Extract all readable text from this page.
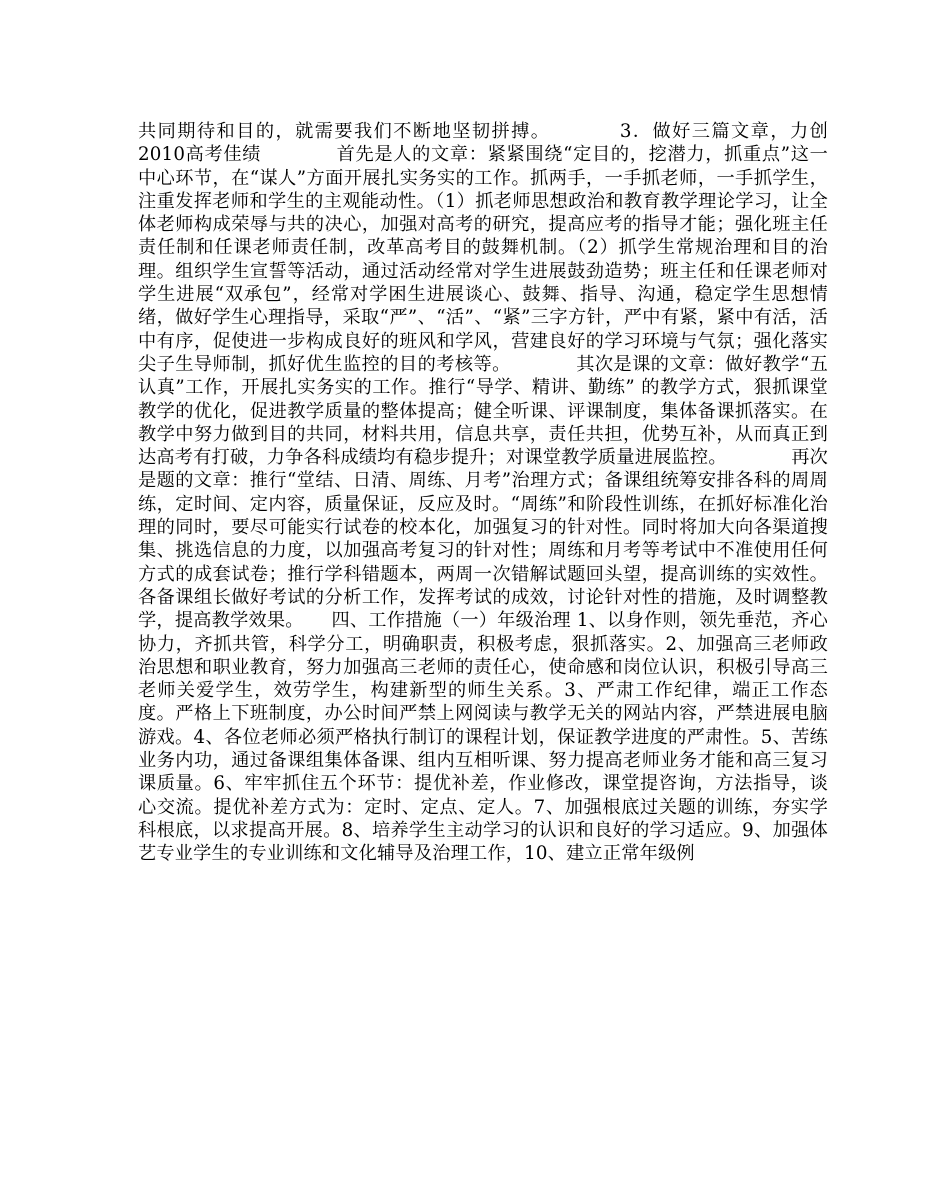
共同期待和目的，就需要我们不断地坚韧拼搏。　　　　3．做好三篇文章，力创2010高考佳绩　　　　首先是人的文章：紧紧围绕“定目的，挖潜力，抓重点”这一中心环节，在“谋人”方面开展扎实务实的工作。抓两手，一手抓老师，一手抓学生，注重发挥老师和学生的主观能动性。（1）抓老师思想政治和教育教学理论学习，让全体老师构成荣辱与共的决心，加强对高考的研究，提高应考的指导才能；强化班主任责任制和任课老师责任制，改革高考目的鼓舞机制。（2）抓学生常规治理和目的治理。组织学生宣誓等活动，通过活动经常对学生进展鼓劲造势；班主任和任课老师对学生进展“双承包”，经常对学困生进展谈心、鼓舞、指导、沟通，稳定学生思想情绪，做好学生心理指导，采取“严”、“活”、“紧”三字方针，严中有紧，紧中有活，活中有序，促使进一步构成良好的班风和学风，营建良好的学习环境与气氛；强化落实尖子生导师制，抓好优生监控的目的考核等。　　　　其次是课的文章：做好教学“五认真”工作，开展扎实务实的工作。推行“导学、精讲、勤练” 的教学方式，狠抓课堂教学的优化，促进教学质量的整体提高；健全听课、评课制度，集体备课抓落实。在教学中努力做到目的共同，材料共用，信息共享，责任共担，优势互补，从而真正到达高考有打破，力争各科成绩均有稳步提升；对课堂教学质量进展监控。　　　　再次是题的文章：推行“堂结、日清、周练、月考”治理方式；备课组统筹安排各科的周周练，定时间、定内容，质量保证，反应及时。“周练”和阶段性训练，在抓好标准化治理的同时，要尽可能实行试卷的校本化，加强复习的针对性。同时将加大向各渠道搜集、挑选信息的力度，以加强高考复习的针对性；周练和月考等考试中不准使用任何方式的成套试卷；推行学科错题本，两周一次错解试题回头望，提高训练的实效性。各备课组长做好考试的分析工作，发挥考试的成效，讨论针对性的措施，及时调整教学，提高教学效果。　　四、工作措施（一）年级治理 1、以身作则，领先垂范，齐心协力，齐抓共管，科学分工，明确职责，积极考虑，狠抓落实。2、加强高三老师政治思想和职业教育，努力加强高三老师的责任心，使命感和岗位认识，积极引导高三老师关爱学生，效劳学生，构建新型的师生关系。3、严肃工作纪律，端正工作态度。严格上下班制度，办公时间严禁上网阅读与教学无关的网站内容，严禁进展电脑游戏。4、各位老师必须严格执行制订的课程计划，保证教学进度的严肃性。5、苦练业务内功，通过备课组集体备课、组内互相听课、努力提高老师业务才能和高三复习课质量。6、牢牢抓住五个环节：提优补差，作业修改，课堂提咨询，方法指导，谈心交流。提优补差方式为：定时、定点、定人。7、加强根底过关题的训练，夯实学科根底，以求提高开展。8、培养学生主动学习的认识和良好的学习适应。9、加强体艺专业学生的专业训练和文化辅导及治理工作，10、建立正常年级例
